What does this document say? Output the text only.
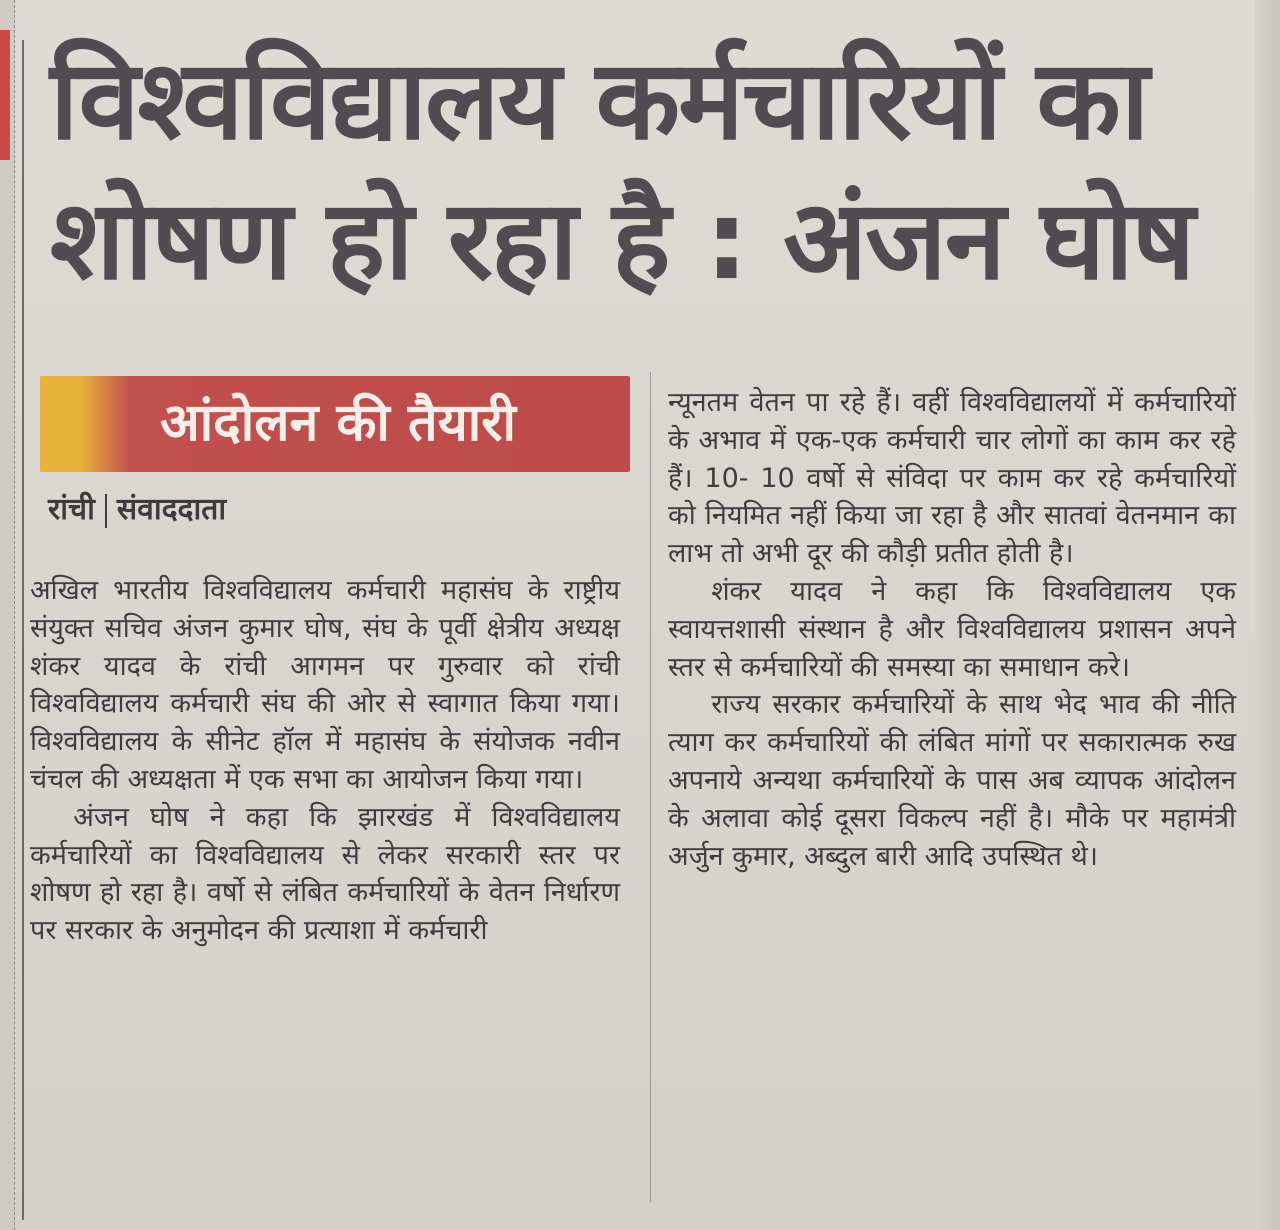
विश्वविद्यालय कर्मचारियों का शोषण हो रहा है : अंजन घोष
आंदोलन की तैयारी
रांची संवाददाता

अखिल भारतीय विश्वविद्यालय कर्मचारी महासंघ के राष्ट्रीय संयुक्त सचिव अंजन कुमार घोष, संघ के पूर्वी क्षेत्रीय अध्यक्ष शंकर यादव के रांची आगमन पर गुरुवार को रांची विश्वविद्यालय कर्मचारी संघ की ओर से स्वागात किया गया। विश्वविद्यालय के सीनेट हॉल में महासंघ के संयोजक नवीन चंचल की अध्यक्षता में एक सभा का आयोजन किया गया।

अंजन घोष ने कहा कि झारखंड में विश्वविद्यालय कर्मचारियों का विश्वविद्यालय से लेकर सरकारी स्तर पर शोषण हो रहा है। वर्षो से लंबित कर्मचारियों के वेतन निर्धारण पर सरकार के अनुमोदन की प्रत्याशा में कर्मचारी

न्यूनतम वेतन पा रहे हैं। वहीं विश्वविद्यालयों में कर्मचारियों के अभाव में एक-एक कर्मचारी चार लोगों का काम कर रहे हैं। 10- 10 वर्षो से संविदा पर काम कर रहे कर्मचारियों को नियमित नहीं किया जा रहा है और सातवां वेतनमान का लाभ तो अभी दूर की कौड़ी प्रतीत होती है।

शंकर यादव ने कहा कि विश्वविद्यालय एक स्वायत्तशासी संस्थान है और विश्वविद्यालय प्रशासन अपने स्तर से कर्मचारियों की समस्या का समाधान करे।

राज्य सरकार कर्मचारियों के साथ भेद भाव की नीति त्याग कर कर्मचारियों की लंबित मांगों पर सकारात्मक रुख अपनाये अन्यथा कर्मचारियों के पास अब व्यापक आंदोलन के अलावा कोई दूसरा विकल्प नहीं है। मौके पर महामंत्री अर्जुन कुमार, अब्दुल बारी आदि उपस्थित थे।
